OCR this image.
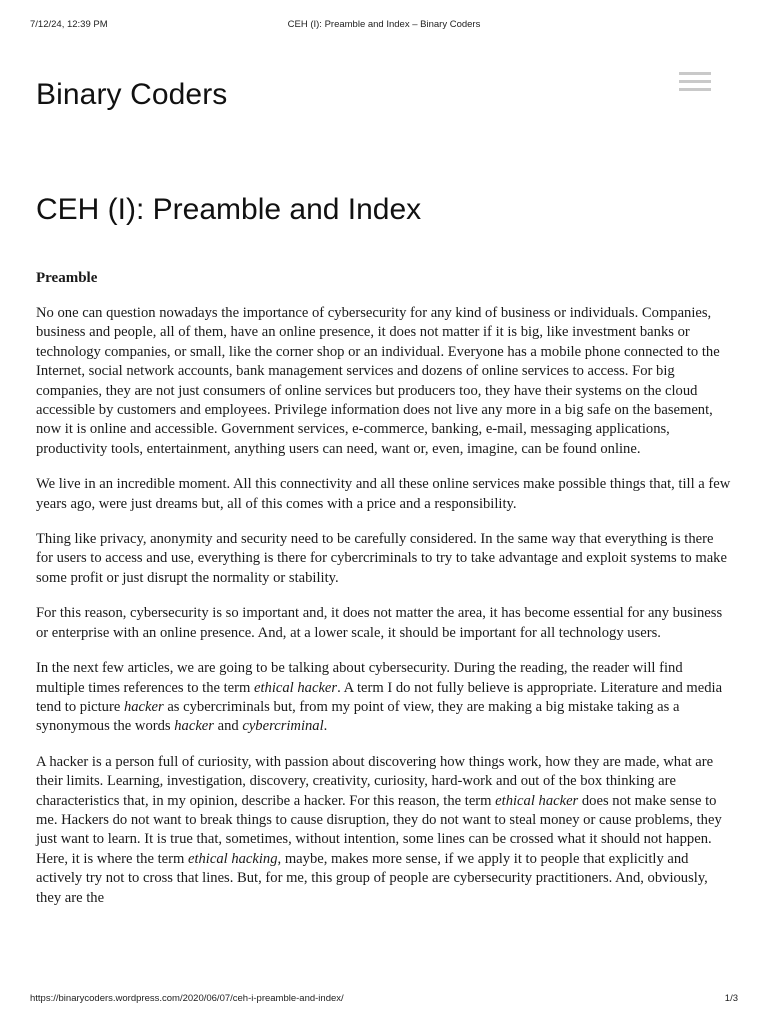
7/12/24, 12:39 PM	CEH (I): Preamble and Index – Binary Coders
Binary Coders
CEH (I): Preamble and Index
Preamble

No one can question nowadays the importance of cybersecurity for any kind of business or individuals. Companies, business and people, all of them, have an online presence, it does not matter if it is big, like investment banks or technology companies, or small, like the corner shop or an individual. Everyone has a mobile phone connected to the Internet, social network accounts, bank management services and dozens of online services to access. For big companies, they are not just consumers of online services but producers too, they have their systems on the cloud accessible by customers and employees. Privilege information does not live any more in a big safe on the basement, now it is online and accessible. Government services, e-commerce, banking, e-mail, messaging applications, productivity tools, entertainment, anything users can need, want or, even, imagine, can be found online.

We live in an incredible moment. All this connectivity and all these online services make possible things that, till a few years ago, were just dreams but, all of this comes with a price and a responsibility.

Thing like privacy, anonymity and security need to be carefully considered. In the same way that everything is there for users to access and use, everything is there for cybercriminals to try to take advantage and exploit systems to make some profit or just disrupt the normality or stability.

For this reason, cybersecurity is so important and, it does not matter the area, it has become essential for any business or enterprise with an online presence. And, at a lower scale, it should be important for all technology users.

In the next few articles, we are going to be talking about cybersecurity. During the reading, the reader will find multiple times references to the term ethical hacker. A term I do not fully believe is appropriate. Literature and media tend to picture hacker as cybercriminals but, from my point of view, they are making a big mistake taking as a synonymous the words hacker and cybercriminal.

A hacker is a person full of curiosity, with passion about discovering how things work, how they are made, what are their limits. Learning, investigation, discovery, creativity, curiosity, hard-work and out of the box thinking are characteristics that, in my opinion, describe a hacker. For this reason, the term ethical hacker does not make sense to me. Hackers do not want to break things to cause disruption, they do not want to steal money or cause problems, they just want to learn. It is true that, sometimes, without intention, some lines can be crossed what it should not happen. Here, it is where the term ethical hacking, maybe, makes more sense, if we apply it to people that explicitly and actively try not to cross that lines. But, for me, this group of people are cybersecurity practitioners. And, obviously, they are the

https://binarycoders.wordpress.com/2020/06/07/ceh-i-preamble-and-index/	1/3
